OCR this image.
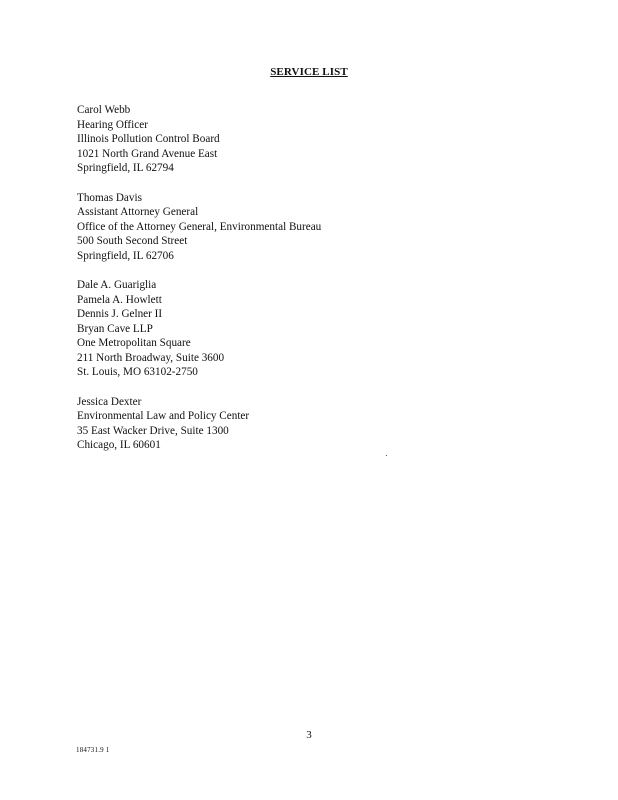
SERVICE LIST
Carol Webb
Hearing Officer
Illinois Pollution Control Board
1021 North Grand Avenue East
Springfield, IL 62794
Thomas Davis
Assistant Attorney General
Office of the Attorney General, Environmental Bureau
500 South Second Street
Springfield, IL 62706
Dale A. Guariglia
Pamela A. Howlett
Dennis J. Gelner II
Bryan Cave LLP
One Metropolitan Square
211 North Broadway, Suite 3600
St. Louis, MO 63102-2750
Jessica Dexter
Environmental Law and Policy Center
35 East Wacker Drive, Suite 1300
Chicago, IL 60601
3
184731.9 1
